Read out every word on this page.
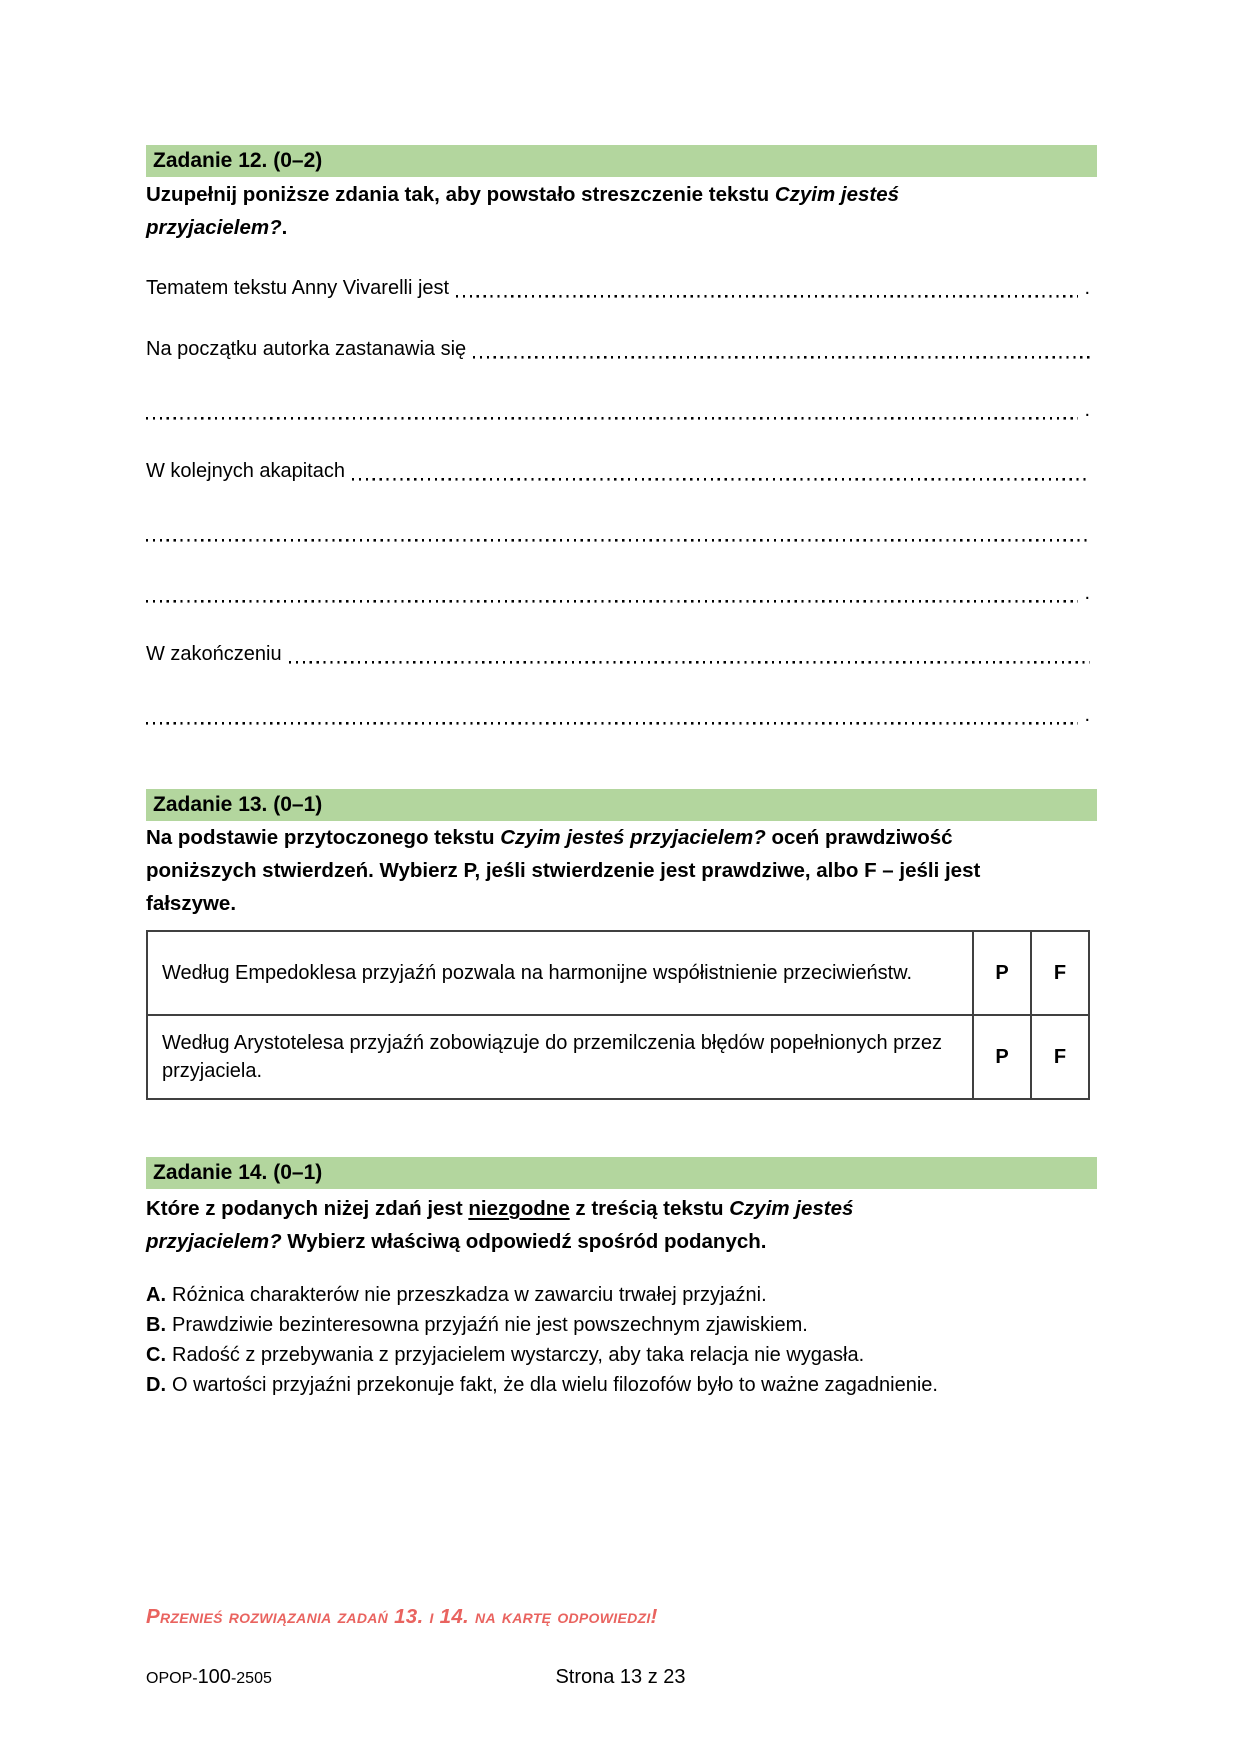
Zadanie 12. (0–2)

Uzupełnij poniższe zdania tak, aby powstało streszczenie tekstu Czyim jesteś
przyjacielem?.

Tematem tekstu Anny Vivarelli jest	.
Na początku autorka zastanawia się
.
W kolejnych akapitach
.
W zakończeniu
.
Zadanie 13. (0–1)

Na podstawie przytoczonego tekstu Czyim jesteś przyjacielem? oceń prawdziwość
poniższych stwierdzeń. Wybierz P, jeśli stwierdzenie jest prawdziwe, albo F – jeśli jest
fałszywe.

Według Empedoklesa przyjaźń pozwala na harmonijne współistnienie przeciwieństw.	P	F
Według Arystotelesa przyjaźń zobowiązuje do przemilczenia błędów popełnionych przez przyjaciela.	P	F
Zadanie 14. (0–1)

Które z podanych niżej zdań jest niezgodne z treścią tekstu Czyim jesteś
przyjacielem? Wybierz właściwą odpowiedź spośród podanych.

A. Różnica charakterów nie przeszkadza w zawarciu trwałej przyjaźni.
B. Prawdziwie bezinteresowna przyjaźń nie jest powszechnym zjawiskiem.
C. Radość z przebywania z przyjacielem wystarczy, aby taka relacja nie wygasła.
D. O wartości przyjaźni przekonuje fakt, że dla wielu filozofów było to ważne zagadnienie.
Przenieś rozwiązania zadań 13. i 14. na kartę odpowiedzi!
OPOP-100-2505	Strona 13 z 23
